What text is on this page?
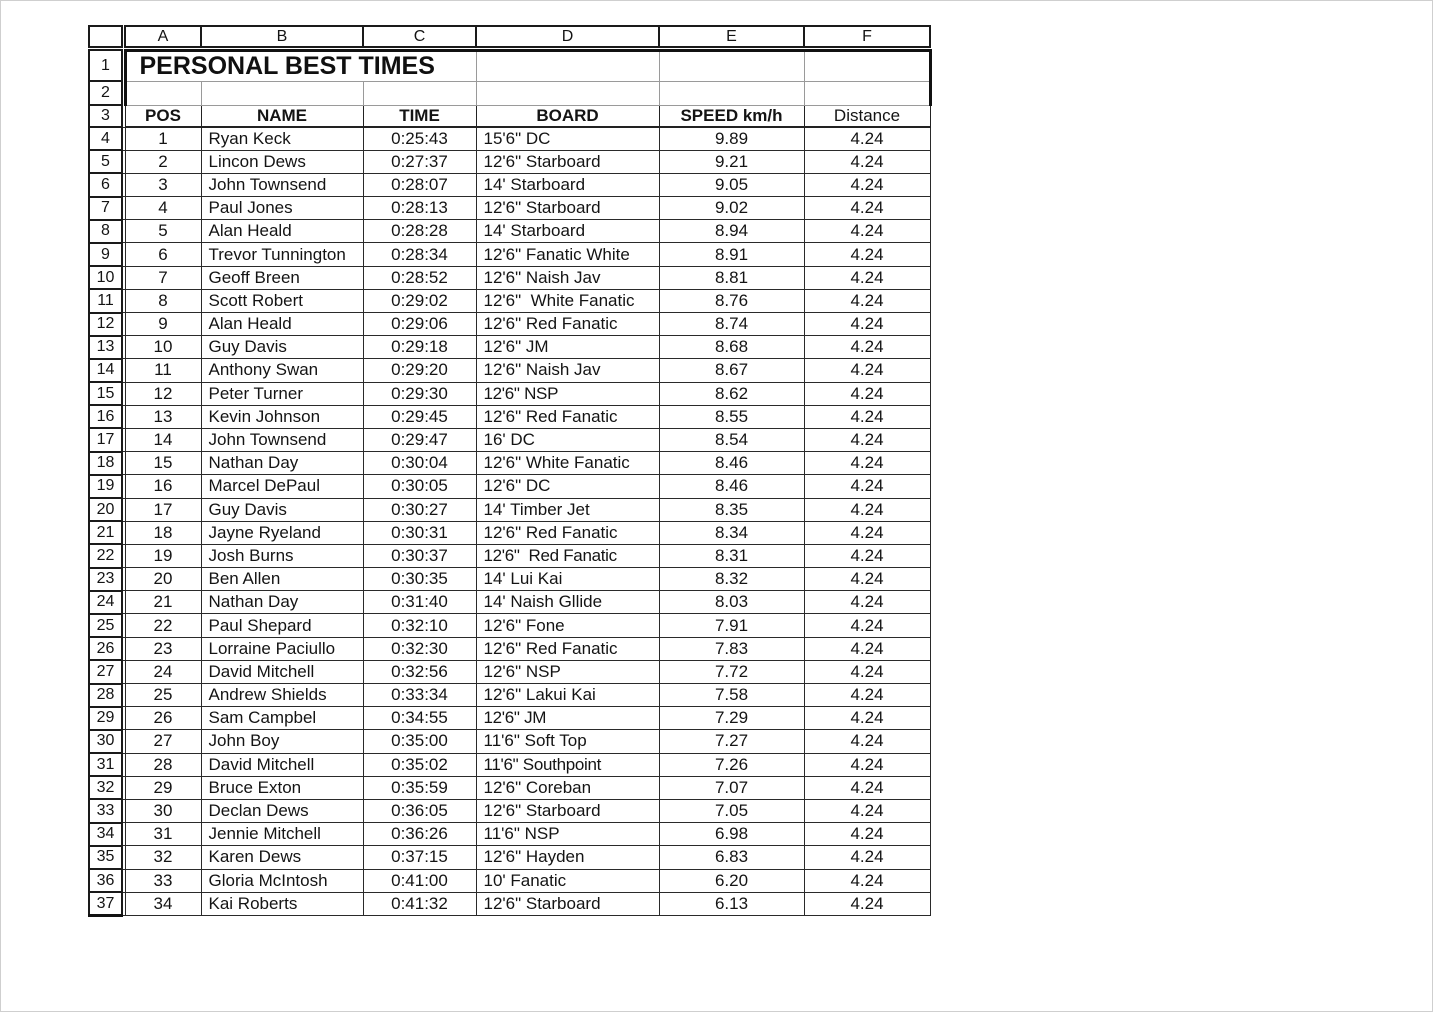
		A	B	C	D	E	F

1		PERSONAL BEST TIMES					
2							
3		POS	NAME	TIME	BOARD	SPEED km/h	Distance
4		1	Ryan Keck	0:25:43	15'6" DC	9.89	4.24
5		2	Lincon Dews	0:27:37	12'6" Starboard	9.21	4.24
6		3	John Townsend	0:28:07	14' Starboard	9.05	4.24
7		4	Paul Jones	0:28:13	12'6" Starboard	9.02	4.24
8		5	Alan Heald	0:28:28	14' Starboard	8.94	4.24
9		6	Trevor Tunnington	0:28:34	12'6" Fanatic White	8.91	4.24
10		7	Geoff Breen	0:28:52	12'6" Naish Jav	8.81	4.24
11		8	Scott Robert	0:29:02	12'6"  White Fanatic	8.76	4.24
12		9	Alan Heald	0:29:06	12'6" Red Fanatic	8.74	4.24
13		10	Guy Davis	0:29:18	12'6" JM	8.68	4.24
14		11	Anthony Swan	0:29:20	12'6" Naish Jav	8.67	4.24
15		12	Peter Turner	0:29:30	12'6" NSP	8.62	4.24
16		13	Kevin Johnson	0:29:45	12'6" Red Fanatic	8.55	4.24
17		14	John Townsend	0:29:47	16' DC	8.54	4.24
18		15	Nathan Day	0:30:04	12'6" White Fanatic	8.46	4.24
19		16	Marcel DePaul	0:30:05	12'6" DC	8.46	4.24
20		17	Guy Davis	0:30:27	14' Timber Jet	8.35	4.24
21		18	Jayne Ryeland	0:30:31	12'6" Red Fanatic	8.34	4.24
22		19	Josh Burns	0:30:37	12'6"  Red Fanatic	8.31	4.24
23		20	Ben Allen	0:30:35	14' Lui Kai	8.32	4.24
24		21	Nathan Day	0:31:40	14' Naish Gllide	8.03	4.24
25		22	Paul Shepard	0:32:10	12'6" Fone	7.91	4.24
26		23	Lorraine Paciullo	0:32:30	12'6" Red Fanatic	7.83	4.24
27		24	David Mitchell	0:32:56	12'6" NSP	7.72	4.24
28		25	Andrew Shields	0:33:34	12'6" Lakui Kai	7.58	4.24
29		26	Sam Campbel	0:34:55	12'6" JM	7.29	4.24
30		27	John Boy	0:35:00	11'6" Soft Top	7.27	4.24
31		28	David Mitchell	0:35:02	11'6" Southpoint	7.26	4.24
32		29	Bruce Exton	0:35:59	12'6" Coreban	7.07	4.24
33		30	Declan Dews	0:36:05	12'6" Starboard	7.05	4.24
34		31	Jennie Mitchell	0:36:26	11'6" NSP	6.98	4.24
35		32	Karen Dews	0:37:15	12'6" Hayden	6.83	4.24
36		33	Gloria McIntosh	0:41:00	10' Fanatic	6.20	4.24
37		34	Kai Roberts	0:41:32	12'6" Starboard	6.13	4.24
